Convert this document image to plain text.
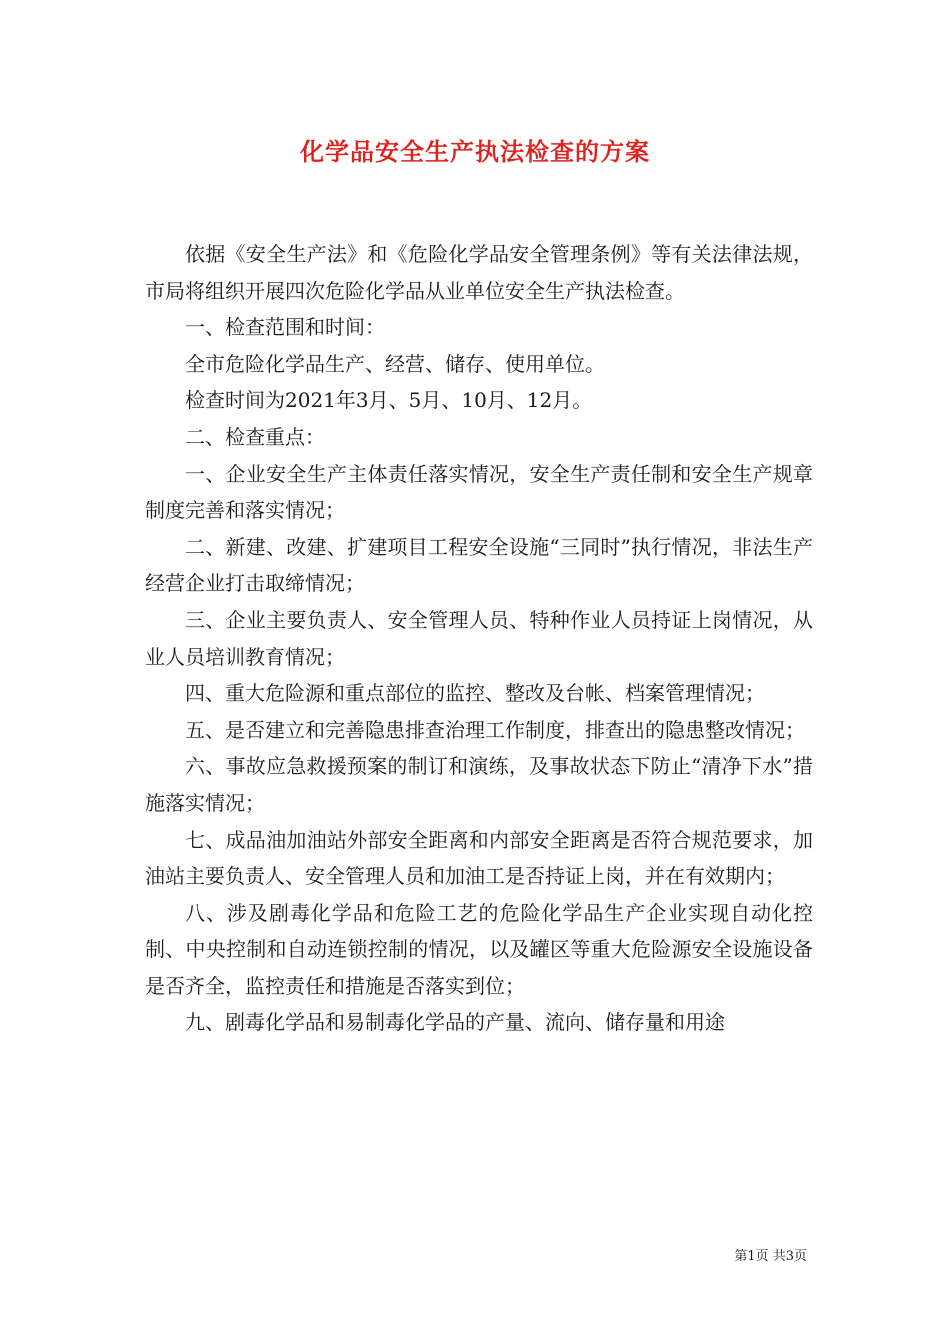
化学品安全生产执法检查的方案

依据《安全生产法》和《危险化学品安全管理条例》等有关法律法规，市局将组织开展四次危险化学品从业单位安全生产执法检查。

一、检查范围和时间：

全市危险化学品生产、经营、储存、使用单位。

检查时间为2021年3月、5月、10月、12月。

二、检查重点：

一、企业安全生产主体责任落实情况，安全生产责任制和安全生产规章制度完善和落实情况；

二、新建、改建、扩建项目工程安全设施“三同时”执行情况，非法生产经营企业打击取缔情况；

三、企业主要负责人、安全管理人员、特种作业人员持证上岗情况，从业人员培训教育情况；

四、重大危险源和重点部位的监控、整改及台帐、档案管理情况；

五、是否建立和完善隐患排查治理工作制度，排查出的隐患整改情况；

六、事故应急救援预案的制订和演练，及事故状态下防止“清净下水”措施落实情况；

七、成品油加油站外部安全距离和内部安全距离是否符合规范要求，加油站主要负责人、安全管理人员和加油工是否持证上岗，并在有效期内；

八、涉及剧毒化学品和危险工艺的危险化学品生产企业实现自动化控制、中央控制和自动连锁控制的情况，以及罐区等重大危险源安全设施设备是否齐全，监控责任和措施是否落实到位；

九、剧毒化学品和易制毒化学品的产量、流向、储存量和用途

第1页 共3页
